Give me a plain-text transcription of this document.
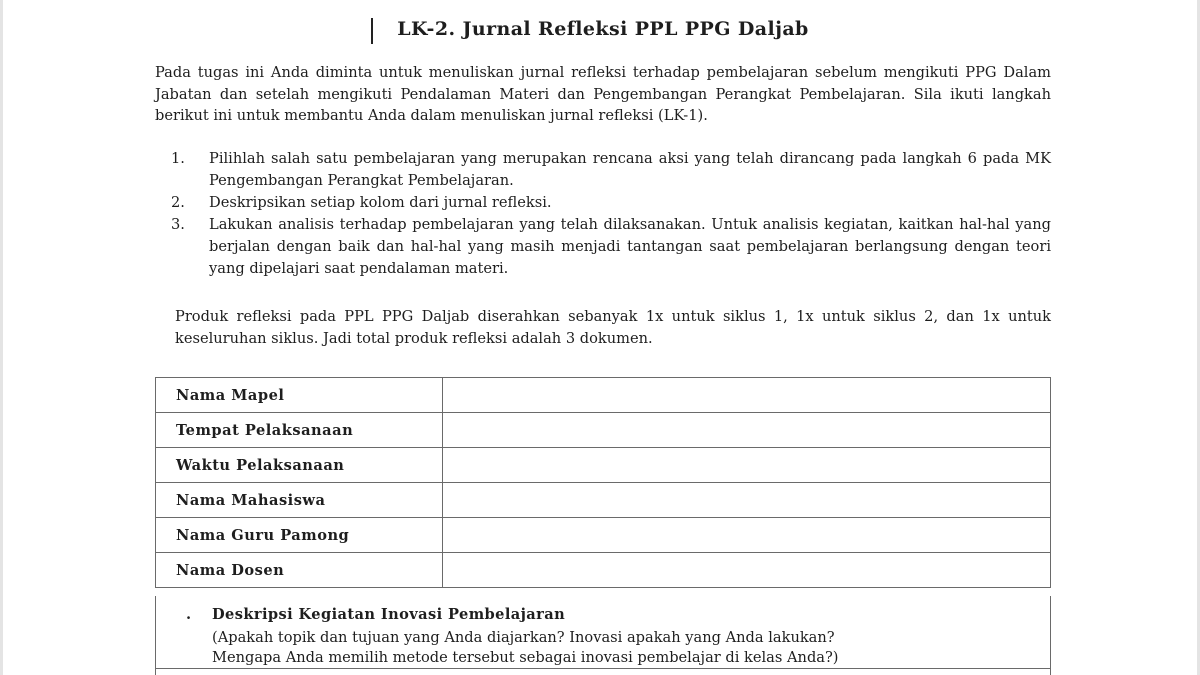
LK-2. Jurnal Refleksi PPL PPG Daljab

Pada tugas ini Anda diminta untuk menuliskan jurnal refleksi terhadap pembelajaran sebelum mengikuti PPG Dalam Jabatan dan setelah mengikuti Pendalaman Materi dan Pengembangan Perangkat Pembelajaran. Sila ikuti langkah berikut ini untuk membantu Anda dalam menuliskan jurnal refleksi (LK-1).

1.	Pilihlah salah satu pembelajaran yang merupakan rencana aksi yang telah dirancang pada langkah 6 pada MK Pengembangan Perangkat Pembelajaran.
2.	Deskripsikan setiap kolom dari jurnal refleksi.
3.	Lakukan analisis terhadap pembelajaran yang telah dilaksanakan. Untuk analisis kegiatan, kaitkan hal-hal yang berjalan dengan baik dan hal-hal yang masih menjadi tantangan saat pembelajaran berlangsung dengan teori yang dipelajari saat pendalaman materi.

Produk refleksi pada PPL PPG Daljab diserahkan sebanyak 1x untuk siklus 1, 1x untuk siklus 2, dan 1x untuk keseluruhan siklus. Jadi total produk refleksi adalah 3 dokumen.

Nama Mapel	
Tempat Pelaksanaan	
Waktu Pelaksanaan	
Nama Mahasiswa	
Nama Guru Pamong	
Nama Dosen	
. Deskripsi Kegiatan Inovasi Pembelajaran
(Apakah topik dan tujuan yang Anda diajarkan? Inovasi apakah yang Anda lakukan?
Mengapa Anda memilih metode tersebut sebagai inovasi pembelajar di kelas Anda?)
